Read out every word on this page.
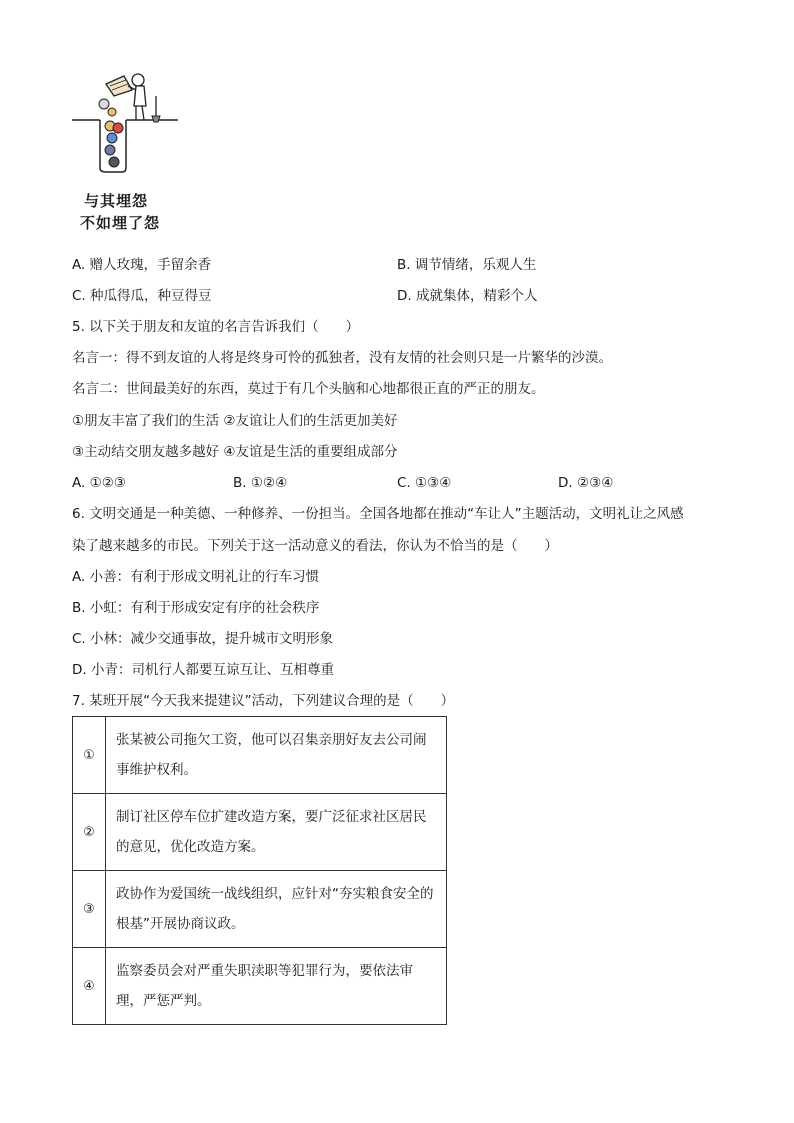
与其埋怨
不如埋了怨
A. 赠人玫瑰，手留余香	B. 调节情绪，乐观人生
C. 种瓜得瓜，种豆得豆	D. 成就集体，精彩个人
5. 以下关于朋友和友谊的名言告诉我们（　　）
名言一：得不到友谊的人将是终身可怜的孤独者，没有友情的社会则只是一片繁华的沙漠。
名言二：世间最美好的东西，莫过于有几个头脑和心地都很正直的严正的朋友。
①朋友丰富了我们的生活 ②友谊让人们的生活更加美好
③主动结交朋友越多越好 ④友谊是生活的重要组成部分
A. ①②③	B. ①②④	C. ①③④	D. ②③④
6. 文明交通是一种美德、一种修养、一份担当。全国各地都在推动“车让人”主题活动，文明礼让之风感
染了越来越多的市民。下列关于这一活动意义的看法，你认为不恰当的是（　　）
A. 小善：有利于形成文明礼让的行车习惯
B. 小虹：有利于形成安定有序的社会秩序
C. 小林：减少交通事故，提升城市文明形象
D. 小青：司机行人都要互谅互让、互相尊重
7. 某班开展“今天我来提建议”活动，下列建议合理的是（　　）
①	张某被公司拖欠工资，他可以召集亲朋好友去公司闹事维护权利。
②	制订社区停车位扩建改造方案，要广泛征求社区居民的意见，优化改造方案。
③	政协作为爱国统一战线组织，应针对“夯实粮食安全的根基”开展协商议政。
④	监察委员会对严重失职渎职等犯罪行为，要依法审理，严惩严判。
